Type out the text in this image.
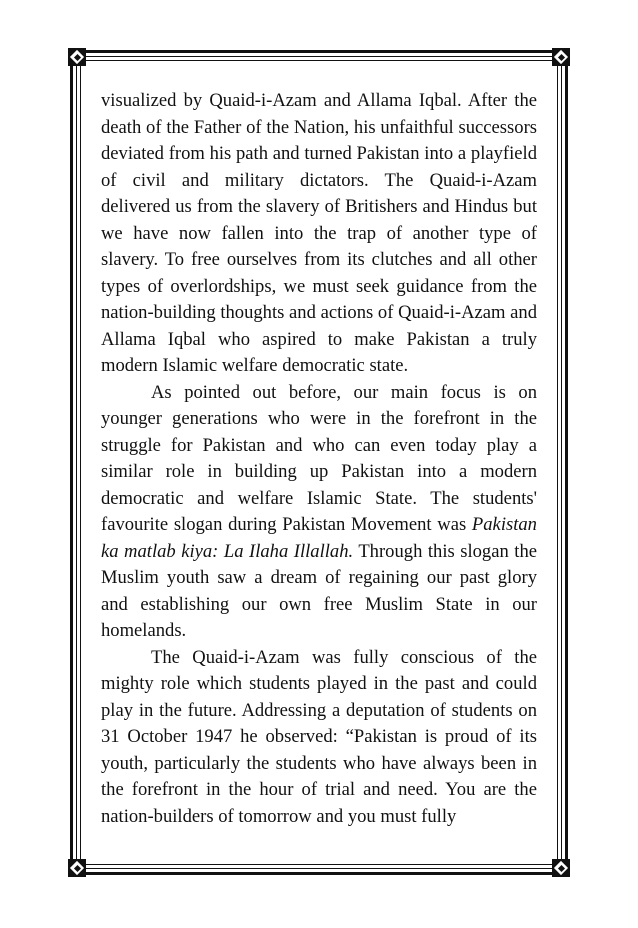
visualized by Quaid-i-Azam and Allama Iqbal. After the death of the Father of the Nation, his unfaithful successors deviated from his path and turned Pakistan into a playfield of civil and military dictators. The Quaid-i-Azam delivered us from the slavery of Britishers and Hindus but we have now fallen into the trap of another type of slavery. To free ourselves from its clutches and all other types of overlordships, we must seek guidance from the nation-building thoughts and actions of Quaid-i-Azam and Allama Iqbal who aspired to make Pakistan a truly modern Islamic welfare democratic state.

As pointed out before, our main focus is on younger generations who were in the forefront in the struggle for Pakistan and who can even today play a similar role in building up Pakistan into a modern democratic and welfare Islamic State. The students' favourite slogan during Pakistan Movement was Pakistan ka matlab kiya: La Ilaha Illallah. Through this slogan the Muslim youth saw a dream of regaining our past glory and establishing our own free Muslim State in our homelands.

The Quaid-i-Azam was fully conscious of the mighty role which students played in the past and could play in the future. Addressing a deputation of students on 31 October 1947 he observed: “Pakistan is proud of its youth, particularly the students who have always been in the forefront in the hour of trial and need. You are the nation-builders of tomorrow and you must fully
